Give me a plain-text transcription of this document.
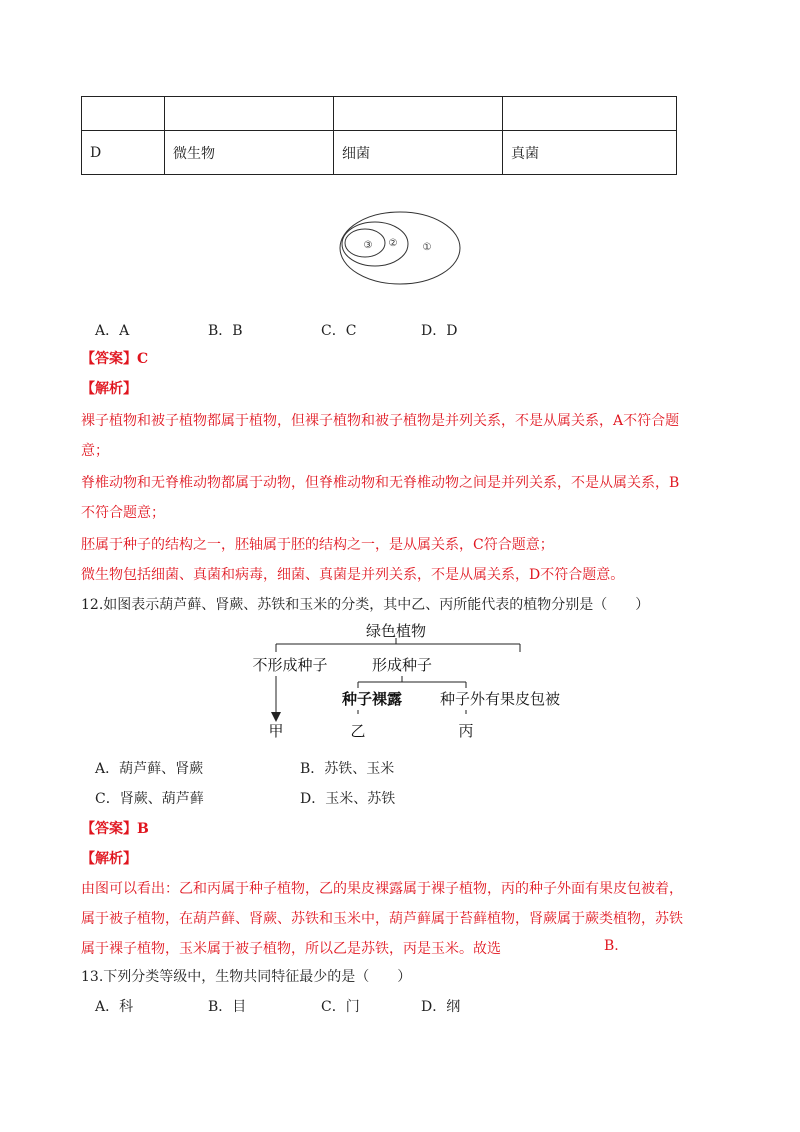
D	微生物	细菌	真菌
③ ②	①
A．A	B．B	C．C	D．D
【答案】C
【解析】
裸子植物和被子植物都属于植物，但裸子植物和被子植物是并列关系，不是从属关系，A不符合题
意；
脊椎动物和无脊椎动物都属于动物，但脊椎动物和无脊椎动物之间是并列关系，不是从属关系，B
不符合题意；
胚属于种子的结构之一，胚轴属于胚的结构之一，是从属关系，C符合题意；
微生物包括细菌、真菌和病毒，细菌、真菌是并列关系，不是从属关系，D不符合题意。
12.如图表示葫芦藓、肾蕨、苏铁和玉米的分类，其中乙、丙所能代表的植物分别是（　　）
绿色植物
不形成种子	形成种子
种子裸露	种子外有果皮包被
甲	乙	丙
A．葫芦藓、肾蕨	B．苏铁、玉米
C．肾蕨、葫芦藓	D．玉米、苏铁
【答案】B
【解析】
由图可以看出：乙和丙属于种子植物，乙的果皮裸露属于裸子植物，丙的种子外面有果皮包被着，
属于被子植物，在葫芦藓、肾蕨、苏铁和玉米中，葫芦藓属于苔藓植物，肾蕨属于蕨类植物，苏铁
属于裸子植物，玉米属于被子植物，所以乙是苏铁，丙是玉米。故选	B.
13.下列分类等级中，生物共同特征最少的是（　　）
A．科	B．目	C．门	D．纲
